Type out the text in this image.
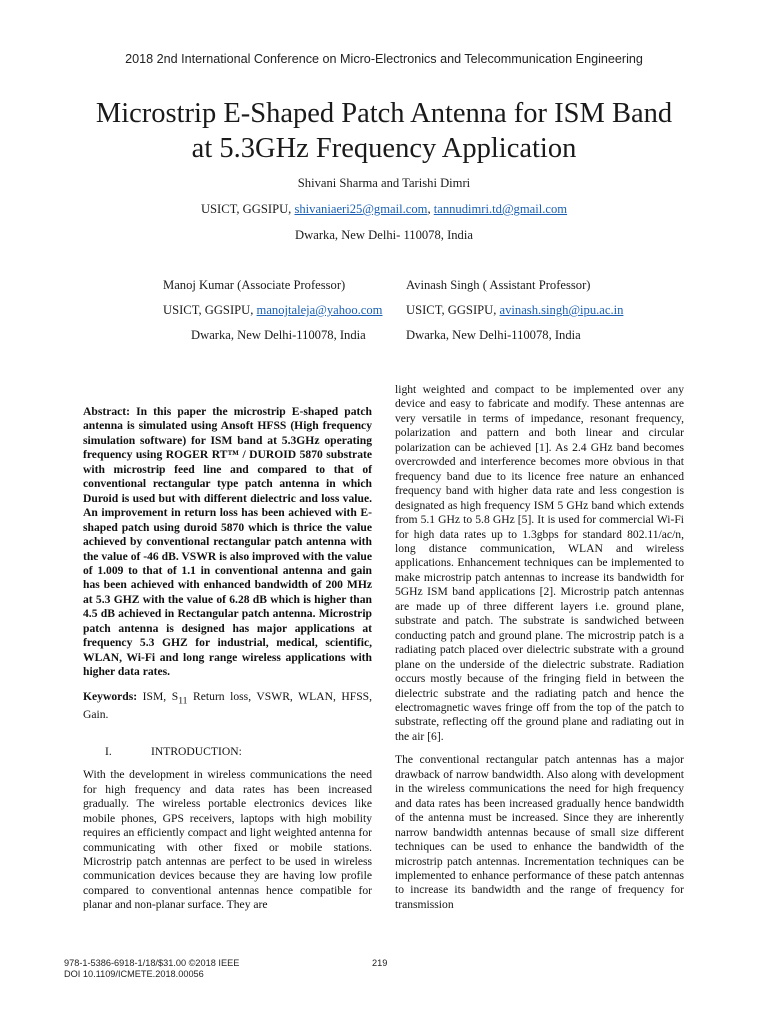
2018 2nd International Conference on Micro-Electronics and Telecommunication Engineering
Microstrip E-Shaped Patch Antenna for ISM Band
at 5.3GHz Frequency Application
Shivani Sharma and Tarishi Dimri
USICT, GGSIPU, shivaniaeri25@gmail.com, tannudimri.td@gmail.com
Dwarka, New Delhi- 110078, India
Manoj Kumar (Associate Professor)
USICT, GGSIPU, manojtaleja@yahoo.com
Dwarka, New Delhi-110078, India
Avinash Singh ( Assistant Professor)
USICT, GGSIPU, avinash.singh@ipu.ac.in
Dwarka, New Delhi-110078, India

Abstract: In this paper the microstrip E-shaped patch antenna is simulated using Ansoft HFSS (High frequency simulation software) for ISM band at 5.3GHz operating frequency using ROGER RT™ / DUROID 5870 substrate with microstrip feed line and compared to that of conventional rectangular type patch antenna in which Duroid is used but with different dielectric and loss value. An improvement in return loss has been achieved with E-shaped patch using duroid 5870 which is thrice the value achieved by conventional rectangular patch antenna with the value of -46 dB. VSWR is also improved with the value of 1.009 to that of 1.1 in conventional antenna and gain has been achieved with enhanced bandwidth of 200 MHz at 5.3 GHZ with the value of 6.28 dB which is higher than 4.5 dB achieved in Rectangular patch antenna. Microstrip patch antenna is designed has major applications at frequency 5.3 GHZ for industrial, medical, scientific, WLAN, Wi-Fi and long range wireless applications with higher data rates.

Keywords: ISM, $S_{11}$ Return loss, VSWR, WLAN, HFSS, Gain.

I.	INTRODUCTION:

With the development in wireless communications the need for high frequency and data rates has been increased gradually. The wireless portable electronics devices like mobile phones, GPS receivers, laptops with high mobility requires an efficiently compact and light weighted antenna for communicating with other fixed or mobile stations. Microstrip patch antennas are perfect to be used in wireless communication devices because they are having low profile compared to conventional antennas hence compatible for planar and non-planar surface. They are

light weighted and compact to be implemented over any device and easy to fabricate and modify. These antennas are very versatile in terms of impedance, resonant frequency, polarization and pattern and both linear and circular polarization can be achieved [1]. As 2.4 GHz band becomes overcrowded and interference becomes more obvious in that frequency band due to its licence free nature an enhanced frequency band with higher data rate and less congestion is designated as high frequency ISM 5 GHz band which extends from 5.1 GHz to 5.8 GHz [5]. It is used for commercial Wi-Fi for high data rates up to 1.3gbps for standard 802.11/ac/n, long distance communication, WLAN and wireless applications. Enhancement techniques can be implemented to make microstrip patch antennas to increase its bandwidth for 5GHz ISM band applications [2]. Microstrip patch antennas are made up of three different layers i.e. ground plane, substrate and patch. The substrate is sandwiched between conducting patch and ground plane. The microstrip patch is a radiating patch placed over dielectric substrate with a ground plane on the underside of the dielectric substrate. Radiation occurs mostly because of the fringing field in between the dielectric substrate and the radiating patch and hence the electromagnetic waves fringe off from the top of the patch to substrate, reflecting off the ground plane and radiating out in the air [6].

The conventional rectangular patch antennas has a major drawback of narrow bandwidth. Also along with development in the wireless communications the need for high frequency and data rates has been increased gradually hence bandwidth of the antenna must be increased. Since they are inherently narrow bandwidth antennas because of small size different techniques can be used to enhance the bandwidth of the microstrip patch antennas. Incrementation techniques can be implemented to enhance performance of these patch antennas to increase its bandwidth and the range of frequency for transmission

978-1-5386-6918-1/18/$31.00 ©2018 IEEE
DOI 10.1109/ICMETE.2018.00056
219
